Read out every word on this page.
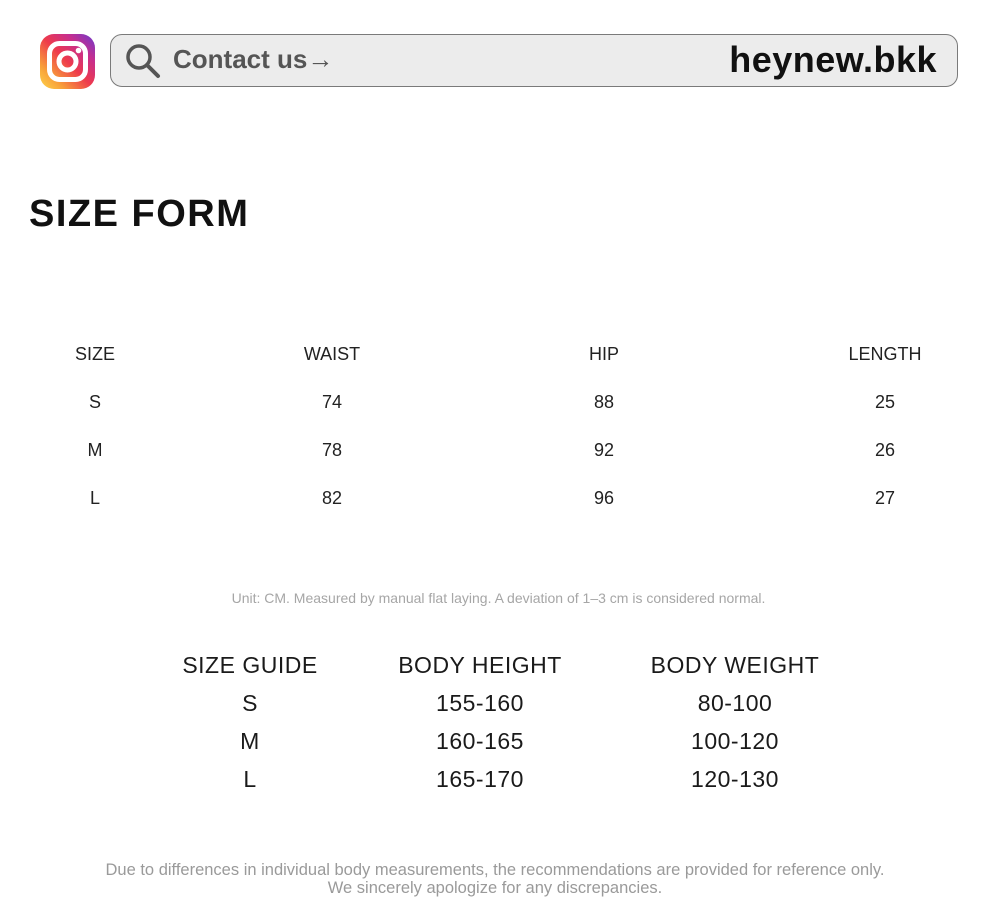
Contact us→	heynew.bkk
SIZE FORM
SIZE	WAIST	HIP	LENGTH
S	74	88	25
M	78	92	26
L	82	96	27
Unit: CM. Measured by manual flat laying. A deviation of 1–3 cm is considered normal.
SIZE GUIDE	BODY HEIGHT	BODY WEIGHT
S	155-160	80-100
M	160-165	100-120
L	165-170	120-130
Due to differences in individual body measurements, the recommendations are provided for reference only. We sincerely apologize for any discrepancies.
